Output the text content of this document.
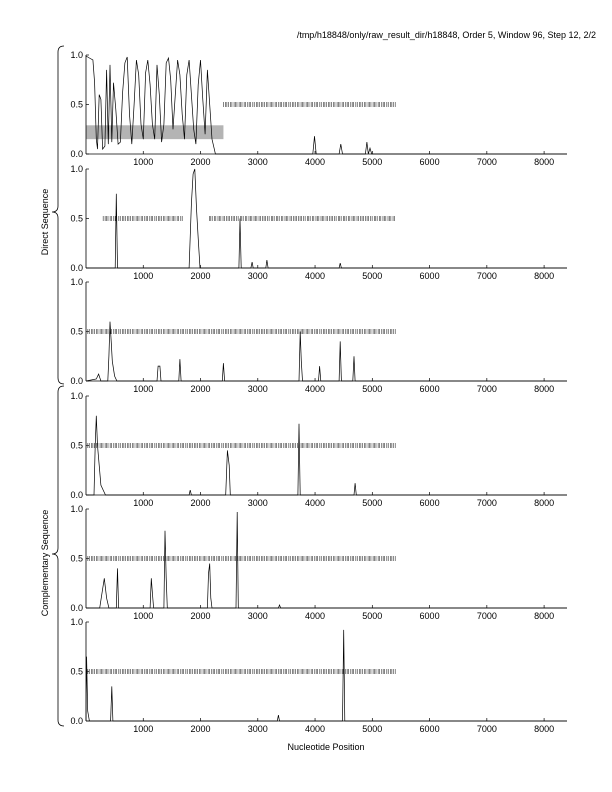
/tmp/h18848/only/raw_result_dir/h18848, Order 5, Window 96, Step 12, 2/2
0.0
0.5
1.0
1000	2000	3000	4000	5000	6000	7000	8000
0.0
0.5
1.0
1000	2000	3000	4000	5000	6000	7000	8000
0.0
0.5
1.0
1000	2000	3000	4000	5000	6000	7000	8000
0.0
0.5
1.0
1000	2000	3000	4000	5000	6000	7000	8000
0.0
0.5
1.0
1000	2000	3000	4000	5000	6000	7000	8000
0.0
0.5
1.0
1000	2000	3000	4000	5000	6000	7000	8000
Direct Sequence
Complementary Sequence
Nucleotide Position
